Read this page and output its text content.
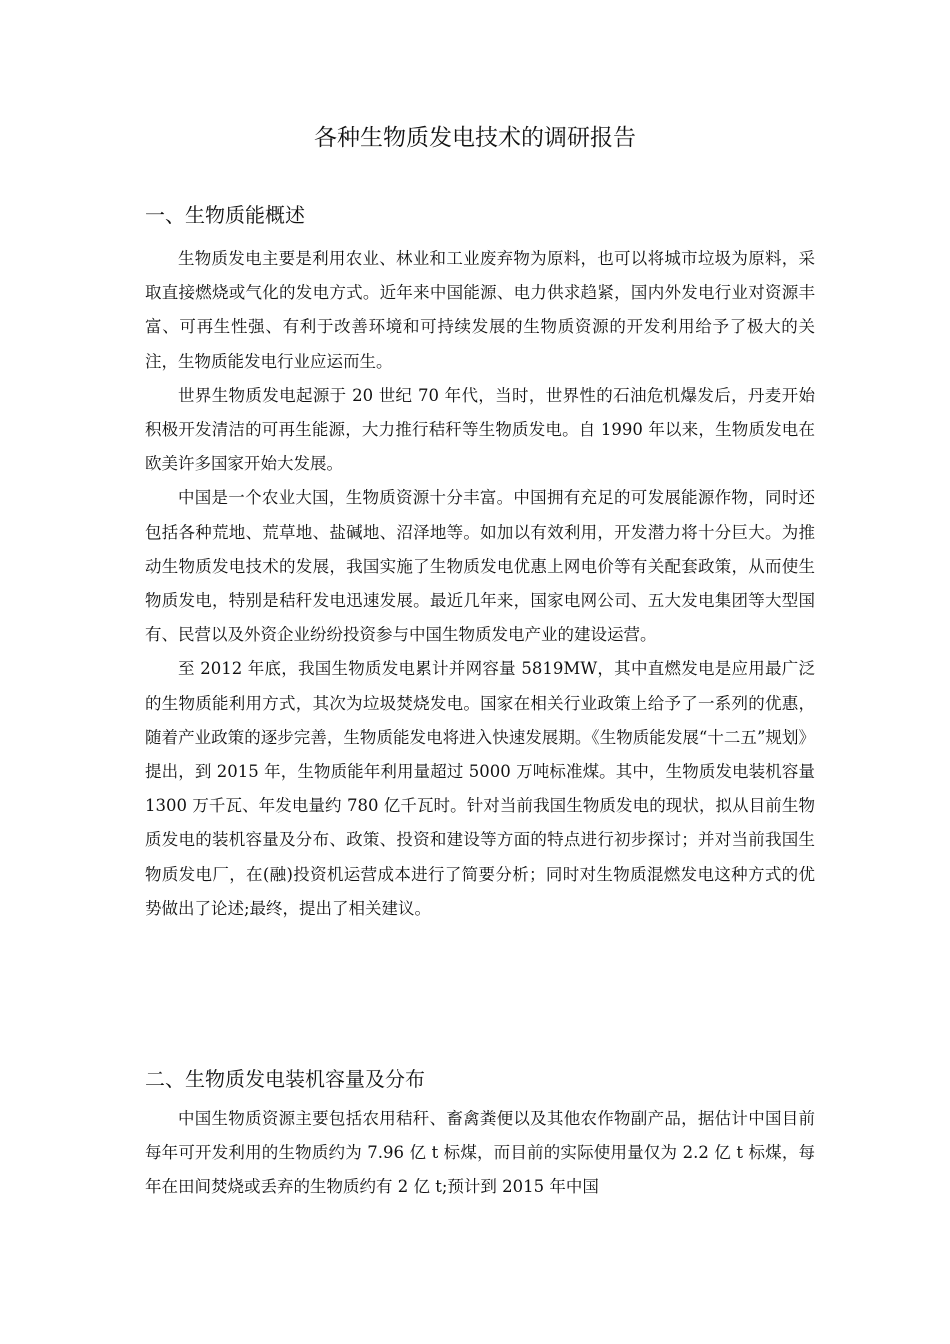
各种生物质发电技术的调研报告
一、生物质能概述

生物质发电主要是利用农业、林业和工业废弃物为原料，也可以将城市垃圾为原料，采取直接燃烧或气化的发电方式。近年来中国能源、电力供求趋紧，国内外发电行业对资源丰富、可再生性强、有利于改善环境和可持续发展的生物质资源的开发利用给予了极大的关注，生物质能发电行业应运而生。

世界生物质发电起源于 20 世纪 70 年代，当时，世界性的石油危机爆发后，丹麦开始积极开发清洁的可再生能源，大力推行秸秆等生物质发电。自 1990 年以来，生物质发电在欧美许多国家开始大发展。

中国是一个农业大国，生物质资源十分丰富。中国拥有充足的可发展能源作物，同时还包括各种荒地、荒草地、盐碱地、沼泽地等。如加以有效利用，开发潜力将十分巨大。为推动生物质发电技术的发展，我国实施了生物质发电优惠上网电价等有关配套政策，从而使生物质发电，特别是秸秆发电迅速发展。最近几年来，国家电网公司、五大发电集团等大型国有、民营以及外资企业纷纷投资参与中国生物质发电产业的建设运营。

至 2012 年底，我国生物质发电累计并网容量 5819MW，其中直燃发电是应用最广泛的生物质能利用方式，其次为垃圾焚烧发电。国家在相关行业政策上给予了一系列的优惠，随着产业政策的逐步完善，生物质能发电将进入快速发展期。《生物质能发展“十二五”规划》提出，到 2015 年，生物质能年利用量超过 5000 万吨标准煤。其中，生物质发电装机容量 1300 万千瓦、年发电量约 780 亿千瓦时。针对当前我国生物质发电的现状，拟从目前生物质发电的装机容量及分布、政策、投资和建设等方面的特点进行初步探讨；并对当前我国生物质发电厂，在(融)投资机运营成本进行了简要分析；同时对生物质混燃发电这种方式的优势做出了论述;最终，提出了相关建议。

二、生物质发电装机容量及分布

中国生物质资源主要包括农用秸秆、畜禽粪便以及其他农作物副产品，据估计中国目前每年可开发利用的生物质约为 7.96 亿 t 标煤，而目前的实际使用量仅为 2.2 亿 t 标煤，每年在田间焚烧或丢弃的生物质约有 2 亿 t;预计到 2015 年中国
